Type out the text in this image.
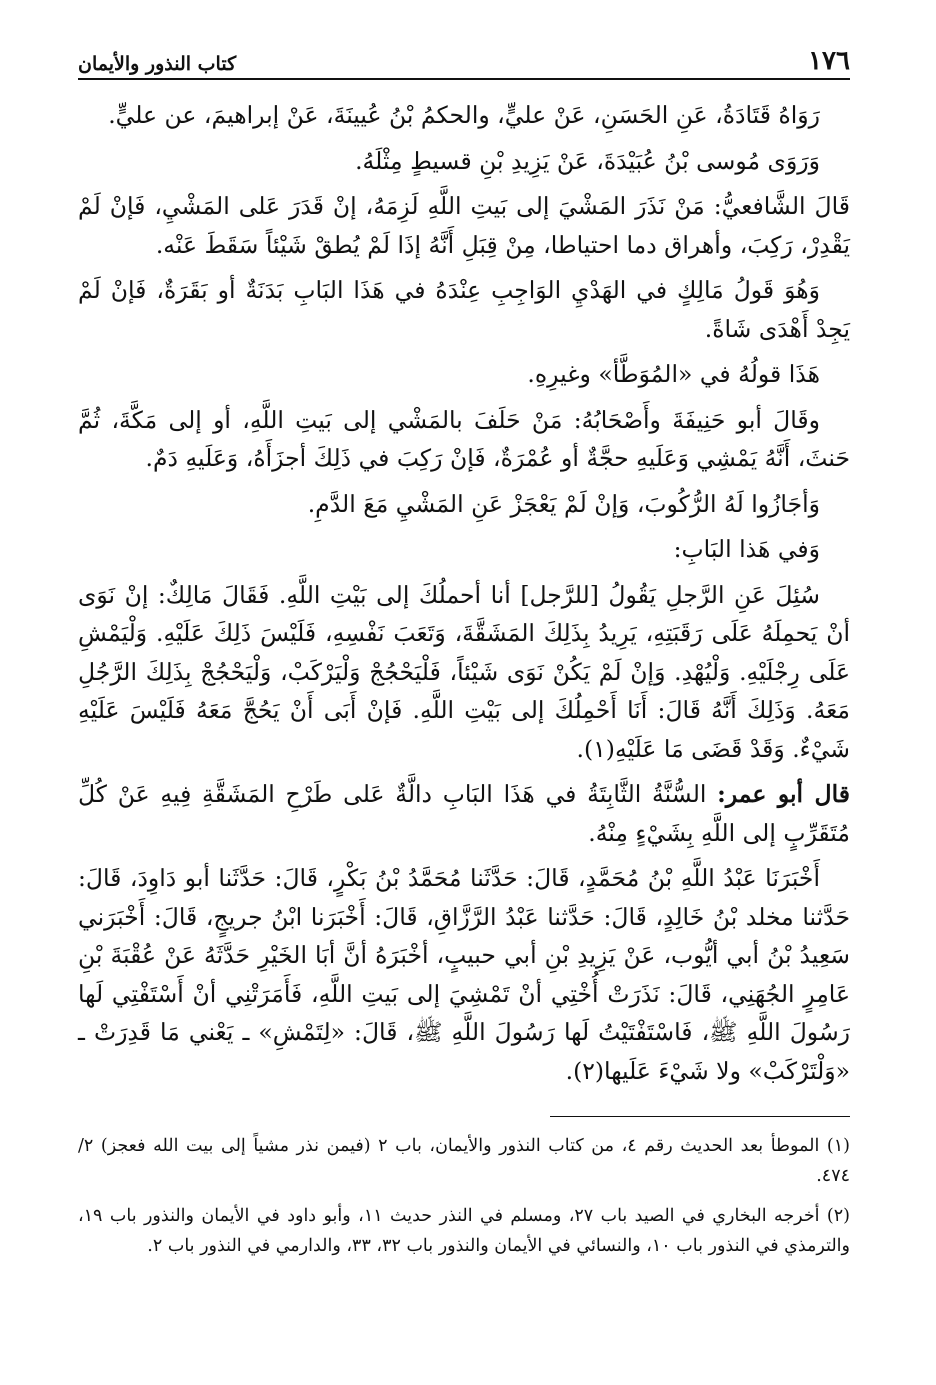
١٧٦
كتاب النذور والأيمان

رَوَاهُ قَتَادَةُ، عَنِ الحَسَنِ، عَنْ عليٍّ، والحكمُ بْنُ عُيينَةَ، عَنْ إبراهيمَ، عن عليٍّ.

وَرَوَى مُوسى بْنُ عُبَيْدَةَ، عَنْ يَزِيدِ بْنِ قسيطٍ مِثْلَهُ.

قَالَ الشَّافعيُّ: مَنْ نَذَرَ المَشْيَ إلى بَيتِ اللَّهِ لَزِمَهُ، إنْ قَدَرَ عَلى المَشْيِ، فَإنْ لَمْ يَقْدِرْ، رَكِبَ، وأهراق دما احتياطا، مِنْ قِبَلِ أَنَّهُ إذَا لَمْ يُطقْ شَيْئاً سَقَطَ عَنْه.

وَهُوَ قَولُ مَالِكٍ في الهَدْيِ الوَاجِبِ عِنْدَهُ في هَذَا البَابِ بَدَنَةٌ أو بَقَرَةٌ، فَإنْ لَمْ يَجِدْ أَهْدَى شَاةً.

هَذَا قولُهُ في «المُوَطَّأ» وغيرِهِ.

وقَالَ أبو حَنِيفَةَ وأَصْحَابُهُ: مَنْ حَلَفَ بالمَشْي إلى بَيتِ اللَّهِ، أو إلى مَكَّةَ، ثُمَّ حَنثَ، أَنَّهُ يَمْشِي وَعَلَيهِ حجَّةٌ أو عُمْرَةٌ، فَإنْ رَكِبَ في ذَلِكَ أجزَأَهُ، وَعَلَيهِ دَمٌ.

وَأجَازُوا لَهُ الرُّكُوبَ، وَإنْ لَمْ يَعْجَزْ عَنِ المَشْيِ مَعَ الدَّمِ.

وَفي هَذا البَابِ:

سُئِلَ عَنِ الرَّجلِ يَقُولُ [للرَّجل] أنا أحملُكَ إلى بَيْتِ اللَّهِ. فَقَالَ مَالِكٌ: إنْ نَوَى أنْ يَحمِلَهُ عَلَى رَقَبَتِهِ، يَرِيدُ بِذَلِكَ المَشَقَّةَ، وَتَعَبَ نَفْسِهِ، فَلَيْسَ ذَلِكَ عَلَيْهِ. وَلْيَمْشِ عَلَى رِجْلَيْهِ. وَلْيُهْدِ. وَإنْ لَمْ يَكُنْ نَوَى شَيْئاً، فَلْيَحْجُجْ وَلْيَرْكَبْ، وَلْيَحْجُجْ بِذَلِكَ الرَّجُلِ مَعَهُ. وَذَلِكَ أَنَّهُ قَالَ: أَنَا أَحْمِلُكَ إلى بَيْتِ اللَّهِ. فَإنْ أَبَى أَنْ يَحُجَّ مَعَهُ فَلَيْسَ عَلَيْهِ شَيْءٌ. وَقَدْ قَضَى مَا عَلَيْهِ(١).

قال أبو عمر: السُّنَّةُ الثَّابِتَةُ في هَذَا البَابِ دالَّةٌ عَلى طَرْحِ المَشَقَّةِ فِيهِ عَنْ كُلِّ مُتَقَرِّبٍ إلى اللَّهِ بِشَيْءٍ مِنْهُ.

أَخْبَرَنَا عَبْدُ اللَّهِ بْنُ مُحَمَّدٍ، قَالَ: حَدَّثَنا مُحَمَّدُ بْنُ بَكْرٍ، قَالَ: حَدَّثَنا أبو دَاوِدَ، قَالَ: حَدَّثنا مخلد بْنُ خَالِدٍ، قَالَ: حَدَّثنا عَبْدُ الرَّزَّاقِ، قَالَ: أَخْبَرَنا ابْنُ جريجٍ، قَالَ: أَخْبَرَني سَعِيدُ بْنُ أبي أيُّوب، عَنْ يَزِيدِ بْنِ أبي حبيبٍ، أخْبَرَهُ أنَّ أبَا الخَيْرِ حَدَّثَهُ عَنْ عُقْبَةَ بْنِ عَامِرٍ الجُهَنِي، قَالَ: نَذَرَتْ أُخْتِي أنْ تَمْشِيَ إلى بَيتِ اللَّهِ، فَأَمَرَتْنِي أنْ أَسْتَفْتِي لَها رَسُولَ اللَّهِ ﷺ، فَاسْتَفْتَيْتُ لَها رَسُولَ اللَّهِ ﷺ، قَالَ: «لِتَمْشِ» ـ يَعْني مَا قَدِرَتْ ـ «وَلْتَرْكَبْ» ولا شَيْءَ عَلَيها(٢).

(١) الموطأ بعد الحديث رقم ٤، من كتاب النذور والأيمان، باب ٢ (فيمن نذر مشياً إلى بيت الله فعجز) ٢/ ٤٧٤.

(٢) أخرجه البخاري في الصيد باب ٢٧، ومسلم في النذر حديث ١١، وأبو داود في الأيمان والنذور باب ١٩، والترمذي في النذور باب ١٠، والنسائي في الأيمان والنذور باب ٣٢، ٣٣، والدارمي في النذور باب ٢.
